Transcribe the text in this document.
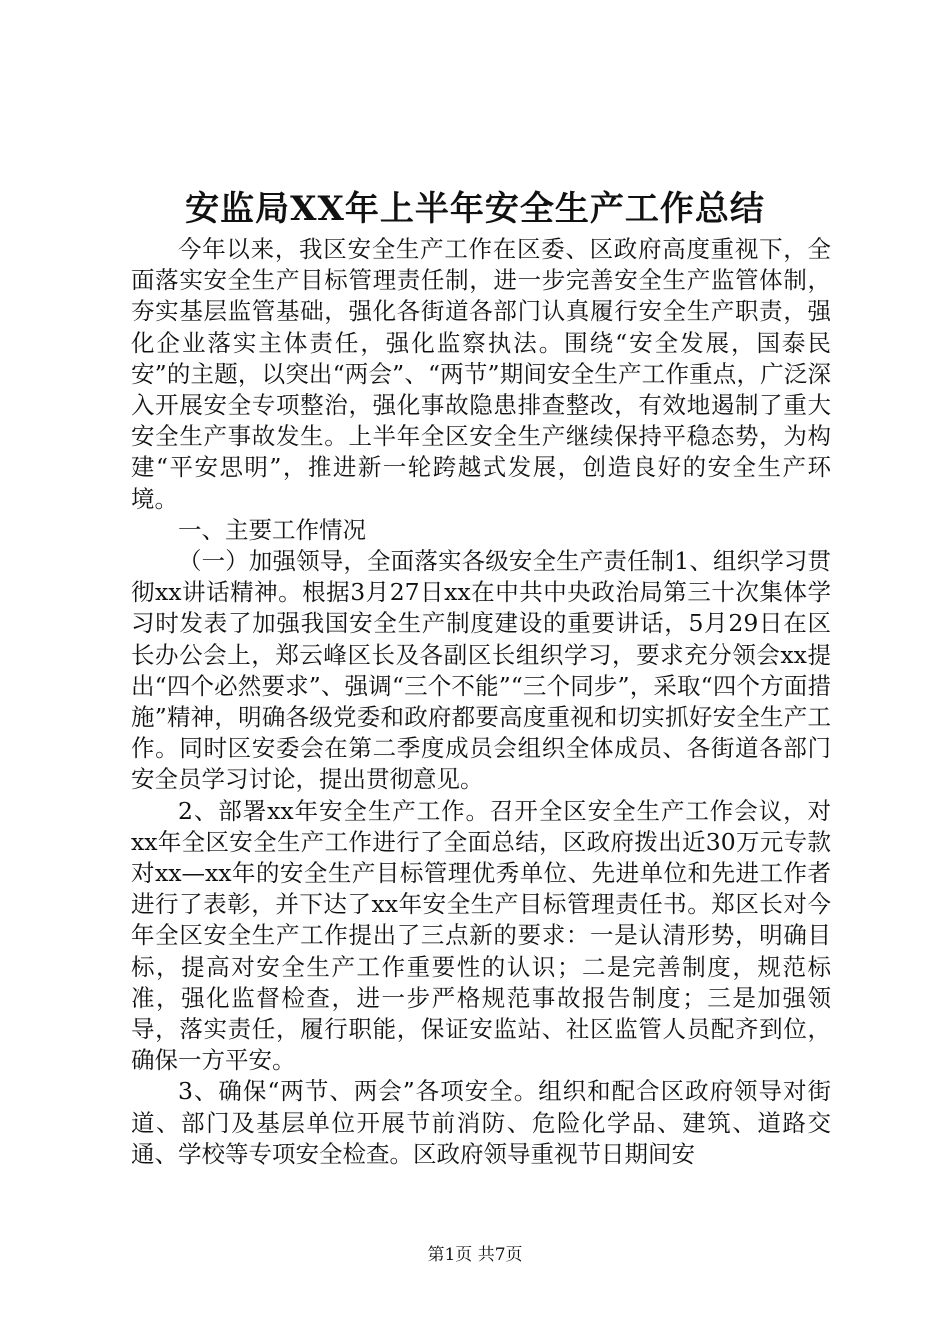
安监局XX年上半年安全生产工作总结

今年以来，我区安全生产工作在区委、区政府高度重视下，全面落实安全生产目标管理责任制，进一步完善安全生产监管体制，夯实基层监管基础，强化各街道各部门认真履行安全生产职责，强化企业落实主体责任，强化监察执法。围绕“安全发展，国泰民安”的主题，以突出“两会”、“两节”期间安全生产工作重点，广泛深入开展安全专项整治，强化事故隐患排查整改，有效地遏制了重大安全生产事故发生。上半年全区安全生产继续保持平稳态势，为构建“平安思明”，推进新一轮跨越式发展，创造良好的安全生产环境。

一、主要工作情况

（一）加强领导，全面落实各级安全生产责任制1、组织学习贯彻xx讲话精神。根据3月27日xx在中共中央政治局第三十次集体学习时发表了加强我国安全生产制度建设的重要讲话，5月29日在区长办公会上，郑云峰区长及各副区长组织学习，要求充分领会xx提出“四个必然要求”、强调“三个不能”“三个同步”，采取“四个方面措施”精神，明确各级党委和政府都要高度重视和切实抓好安全生产工作。同时区安委会在第二季度成员会组织全体成员、各街道各部门安全员学习讨论，提出贯彻意见。

2、部署xx年安全生产工作。召开全区安全生产工作会议，对xx年全区安全生产工作进行了全面总结，区政府拨出近30万元专款对xx—xx年的安全生产目标管理优秀单位、先进单位和先进工作者进行了表彰，并下达了xx年安全生产目标管理责任书。郑区长对今年全区安全生产工作提出了三点新的要求：一是认清形势，明确目标，提高对安全生产工作重要性的认识；二是完善制度，规范标准，强化监督检查，进一步严格规范事故报告制度；三是加强领导，落实责任，履行职能，保证安监站、社区监管人员配齐到位，确保一方平安。

3、确保“两节、两会”各项安全。组织和配合区政府领导对街道、部门及基层单位开展节前消防、危险化学品、建筑、道路交通、学校等专项安全检查。区政府领导重视节日期间安

第1页 共7页
